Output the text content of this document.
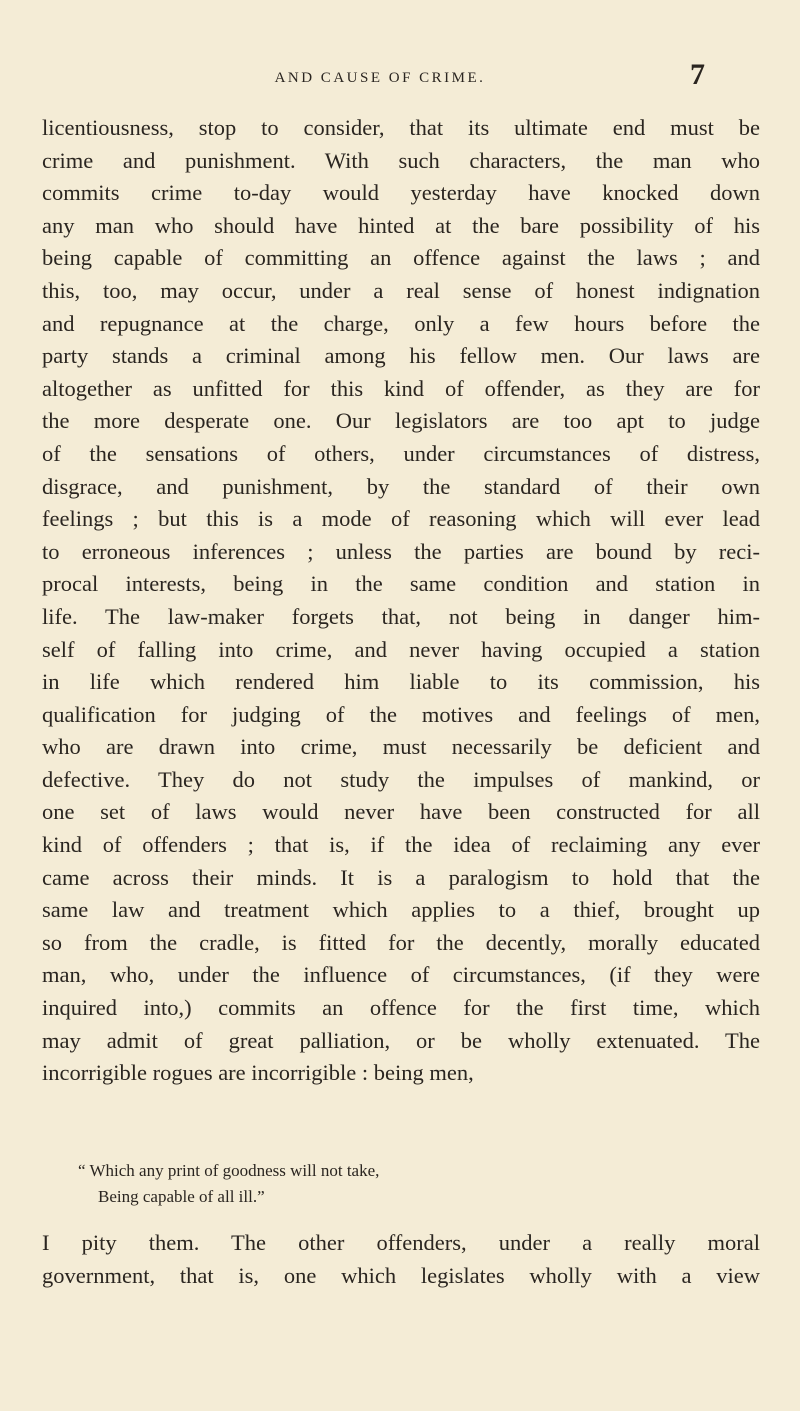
AND CAUSE OF CRIME.	7
licentiousness, stop to consider, that its ultimate end must be
crime and punishment. With such characters, the man who
commits crime to-day would yesterday have knocked down
any man who should have hinted at the bare possibility of his
being capable of committing an offence against the laws ; and
this, too, may occur, under a real sense of honest indignation
and repugnance at the charge, only a few hours before the
party stands a criminal among his fellow men. Our laws are
altogether as unfitted for this kind of offender, as they are for
the more desperate one. Our legislators are too apt to judge
of the sensations of others, under circumstances of distress,
disgrace, and punishment, by the standard of their own
feelings ; but this is a mode of reasoning which will ever lead
to erroneous inferences ; unless the parties are bound by reci-
procal interests, being in the same condition and station in
life. The law-maker forgets that, not being in danger him-
self of falling into crime, and never having occupied a station
in life which rendered him liable to its commission, his
qualification for judging of the motives and feelings of men,
who are drawn into crime, must necessarily be deficient and
defective. They do not study the impulses of mankind, or
one set of laws would never have been constructed for all
kind of offenders ; that is, if the idea of reclaiming any ever
came across their minds. It is a paralogism to hold that the
same law and treatment which applies to a thief, brought up
so from the cradle, is fitted for the decently, morally educated
man, who, under the influence of circumstances, (if they were
inquired into,) commits an offence for the first time, which
may admit of great palliation, or be wholly extenuated. The
incorrigible rogues are incorrigible : being men,
“ Which any print of goodness will not take,
Being capable of all ill.”
I pity them. The other offenders, under a really moral
government, that is, one which legislates wholly with a view
